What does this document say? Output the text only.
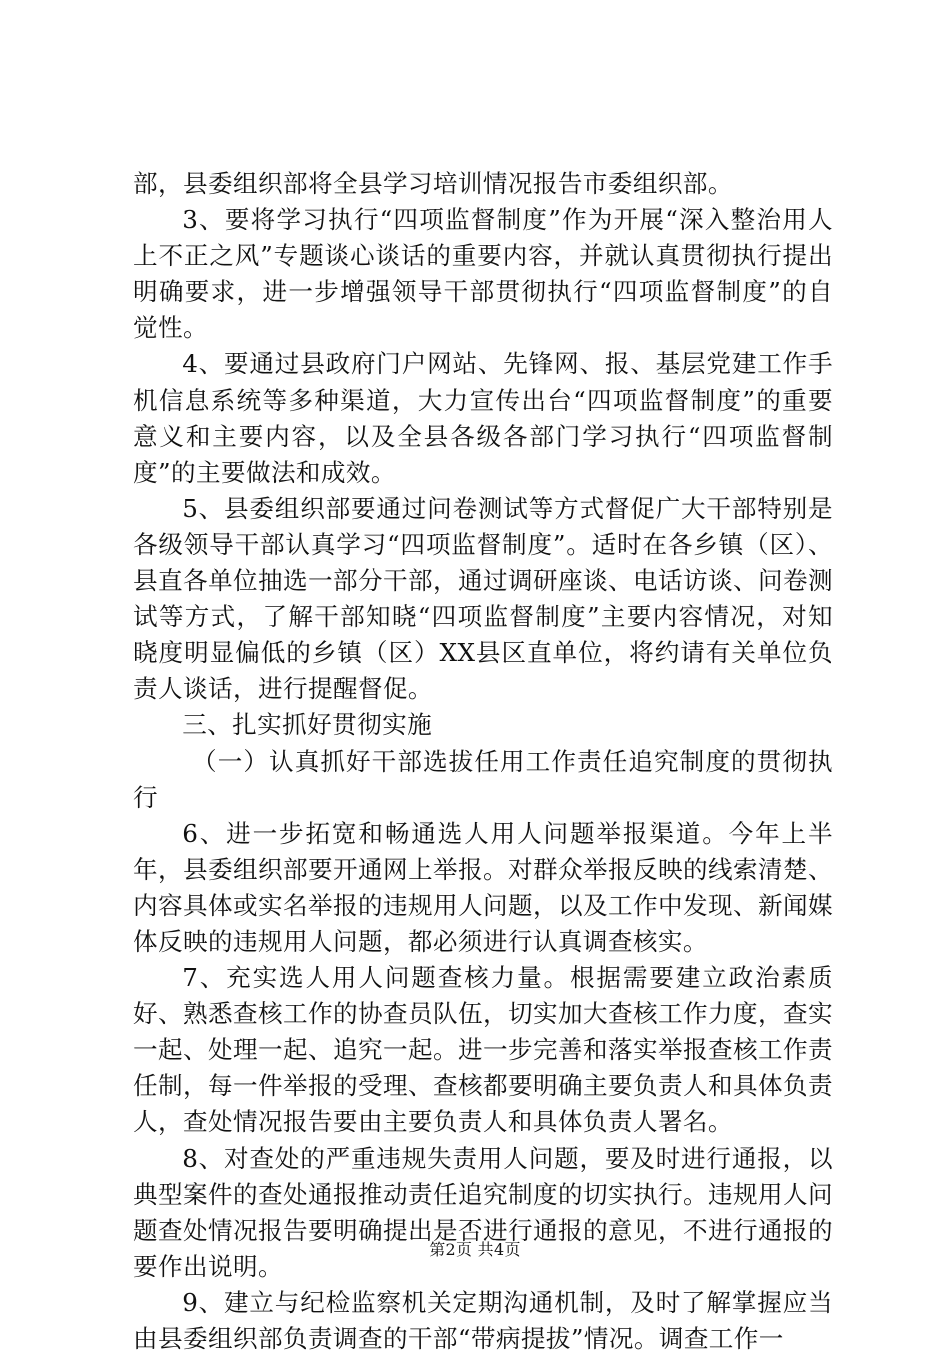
部，县委组织部将全县学习培训情况报告市委组织部。

3、要将学习执行“四项监督制度”作为开展“深入整治用人上不正之风”专题谈心谈话的重要内容，并就认真贯彻执行提出明确要求，进一步增强领导干部贯彻执行“四项监督制度”的自觉性。

4、要通过县政府门户网站、先锋网、报、基层党建工作手机信息系统等多种渠道，大力宣传出台“四项监督制度”的重要意义和主要内容，以及全县各级各部门学习执行“四项监督制度”的主要做法和成效。

5、县委组织部要通过问卷测试等方式督促广大干部特别是各级领导干部认真学习“四项监督制度”。适时在各乡镇（区）、县直各单位抽选一部分干部，通过调研座谈、电话访谈、问卷测试等方式，了解干部知晓“四项监督制度”主要内容情况，对知晓度明显偏低的乡镇（区）XX县区直单位，将约请有关单位负责人谈话，进行提醒督促。

三、扎实抓好贯彻实施

（一）认真抓好干部选拔任用工作责任追究制度的贯彻执行

6、进一步拓宽和畅通选人用人问题举报渠道。今年上半年，县委组织部要开通网上举报。对群众举报反映的线索清楚、内容具体或实名举报的违规用人问题，以及工作中发现、新闻媒体反映的违规用人问题，都必须进行认真调查核实。

7、充实选人用人问题查核力量。根据需要建立政治素质好、熟悉查核工作的协查员队伍，切实加大查核工作力度，查实一起、处理一起、追究一起。进一步完善和落实举报查核工作责任制，每一件举报的受理、查核都要明确主要负责人和具体负责人，查处情况报告要由主要负责人和具体负责人署名。

8、对查处的严重违规失责用人问题，要及时进行通报，以典型案件的查处通报推动责任追究制度的切实执行。违规用人问题查处情况报告要明确提出是否进行通报的意见，不进行通报的要作出说明。

9、建立与纪检监察机关定期沟通机制，及时了解掌握应当由县委组织部负责调查的干部“带病提拔”情况。调查工作一

第2页 共4页
